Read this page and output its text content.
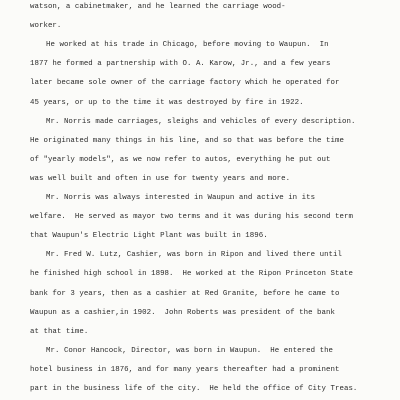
watson, a cabinetmaker, and he learned the carriage wood-
worker.
He worked at his trade in Chicago, before moving to Waupun.  In
1877 he formed a partnership with O. A. Karow, Jr., and a few years
later became sole owner of the carriage factory which he operated for
45 years, or up to the time it was destroyed by fire in 1922.
Mr. Norris made carriages, sleighs and vehicles of every description.
He originated many things in his line, and so that was before the time
of "yearly models", as we now refer to autos, everything he put out
was well built and often in use for twenty years and more.
Mr. Norris was always interested in Waupun and active in its
welfare.  He served as mayor two terms and it was during his second term
that Waupun's Electric Light Plant was built in 1896.
Mr. Fred W. Lutz, Cashier, was born in Ripon and lived there until
he finished high school in 1898.  He worked at the Ripon Princeton State
bank for 3 years, then as a cashier at Red Granite, before he came to
Waupun as a cashier,in 1902.  John Roberts was president of the bank
at that time.
Mr. Conor Hancock, Director, was born in Waupun.  He entered the
hotel business in 1876, and for many years thereafter had a prominent
part in the business life of the city.  He held the office of City Treas.
